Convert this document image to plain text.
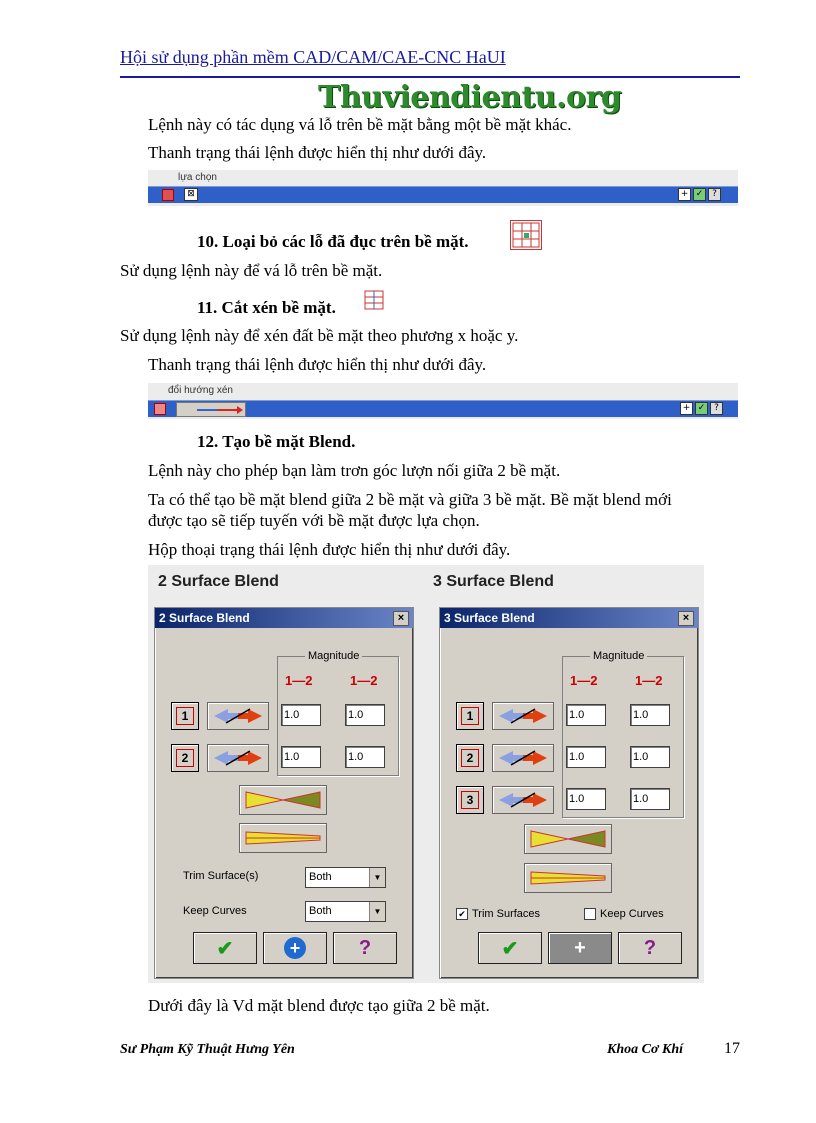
Hội sử dụng phần mềm CAD/CAM/CAE-CNC HaUI
Thuviendientu.org
Lệnh này có tác dụng vá lỗ trên bề mặt bằng một bề mặt khác.
Thanh trạng thái lệnh được hiển thị như dưới đây.
lựa chọn
⊠	+ ✓ ?
10. Loại bỏ các lỗ đã đục trên bề mặt.
Sử dụng lệnh này để vá lỗ trên bề mặt.
11. Cắt xén bề mặt.
Sử dụng lệnh này để xén đất bề mặt theo phương x hoặc y.
Thanh trạng thái lệnh được hiển thị như dưới đây.
đổi hướng xén
+ ✓ ?
12. Tạo bề mặt Blend.
Lệnh này cho phép bạn làm trơn góc lượn nối giữa 2 bề mặt.
Ta có thể tạo bề mặt blend giữa 2 bề mặt và giữa 3 bề mặt. Bề mặt blend mới
được tạo sẽ tiếp tuyến với bề mặt được lựa chọn.
Hộp thoại trạng thái lệnh được hiển thị như dưới đây.
2 Surface Blend	3 Surface Blend
2 Surface Blend	×
Magnitude
1—2	1—2
1	1.0	1.0
2	1.0	1.0
Trim Surface(s)	Both	▼
Keep Curves	Both	▼
✔	+	?
3 Surface Blend	×
Magnitude
1—2	1—2
1	1.0	1.0
2	1.0	1.0
3	1.0	1.0
✔ Trim Surfaces	Keep Curves
✔	+	?
Dưới đây là Vd mặt blend được tạo giữa 2 bề mặt.
Sư Phạm Kỹ Thuật Hưng Yên	Khoa Cơ Khí	17
